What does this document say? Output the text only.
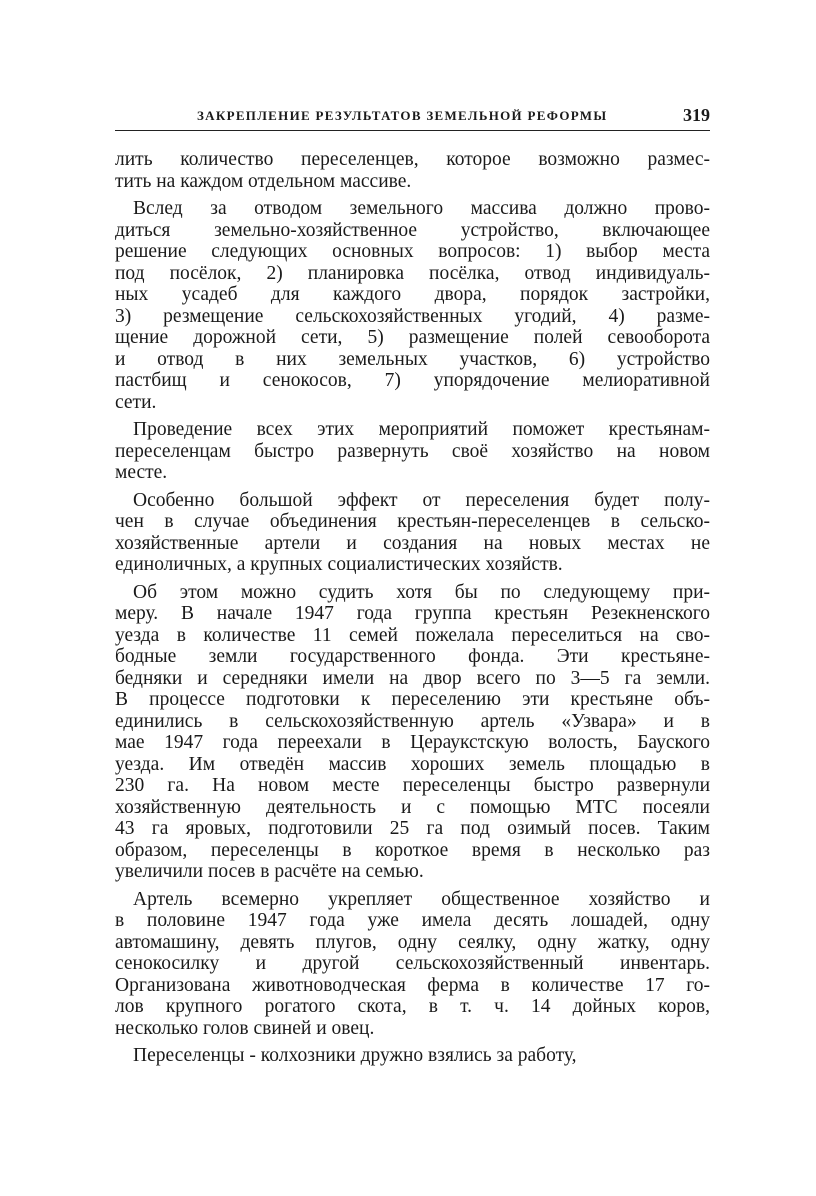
ЗАКРЕПЛЕНИЕ РЕЗУЛЬТАТОВ ЗЕМЕЛЬНОЙ РЕФОРМЫ	319
лить количество переселенцев, которое возможно размес-
тить на каждом отдельном массиве.
Вслед за отводом земельного массива должно прово-
диться земельно-хозяйственное устройство, включающее
решение следующих основных вопросов: 1) выбор места
под посёлок, 2) планировка посёлка, отвод индивидуаль-
ных усадеб для каждого двора, порядок застройки,
3) резмещение сельскохозяйственных угодий, 4) разме-
щение дорожной сети, 5) размещение полей севооборота
и отвод в них земельных участков, 6) устройство
пастбищ и сенокосов, 7) упорядочение мелиоративной
сети.
Проведение всех этих мероприятий поможет крестьянам-
переселенцам быстро развернуть своё хозяйство на новом
месте.
Особенно большой эффект от переселения будет полу-
чен в случае объединения крестьян-переселенцев в сельско-
хозяйственные артели и создания на новых местах не
единоличных, а крупных социалистических хозяйств.
Об этом можно судить хотя бы по следующему при-
меру. В начале 1947 года группа крестьян Резекненского
уезда в количестве 11 семей пожелала переселиться на сво-
бодные земли государственного фонда. Эти крестьяне-
бедняки и середняки имели на двор всего по 3—5 га земли.
В процессе подготовки к переселению эти крестьяне объ-
единились в сельскохозяйственную артель «Узвара» и в
мае 1947 года переехали в Цераукстскую волость, Бауского
уезда. Им отведён массив хороших земель площадью в
230 га. На новом месте переселенцы быстро развернули
хозяйственную деятельность и с помощью МТС посеяли
43 га яровых, подготовили 25 га под озимый посев. Таким
образом, переселенцы в короткое время в несколько раз
увеличили посев в расчёте на семью.
Артель всемерно укрепляет общественное хозяйство и
в половине 1947 года уже имела десять лошадей, одну
автомашину, девять плугов, одну сеялку, одну жатку, одну
сенокосилку и другой сельскохозяйственный инвентарь.
Организована животноводческая ферма в количестве 17 го-
лов крупного рогатого скота, в т. ч. 14 дойных коров,
несколько голов свиней и овец.
Переселенцы - колхозники дружно взялись за работу,
